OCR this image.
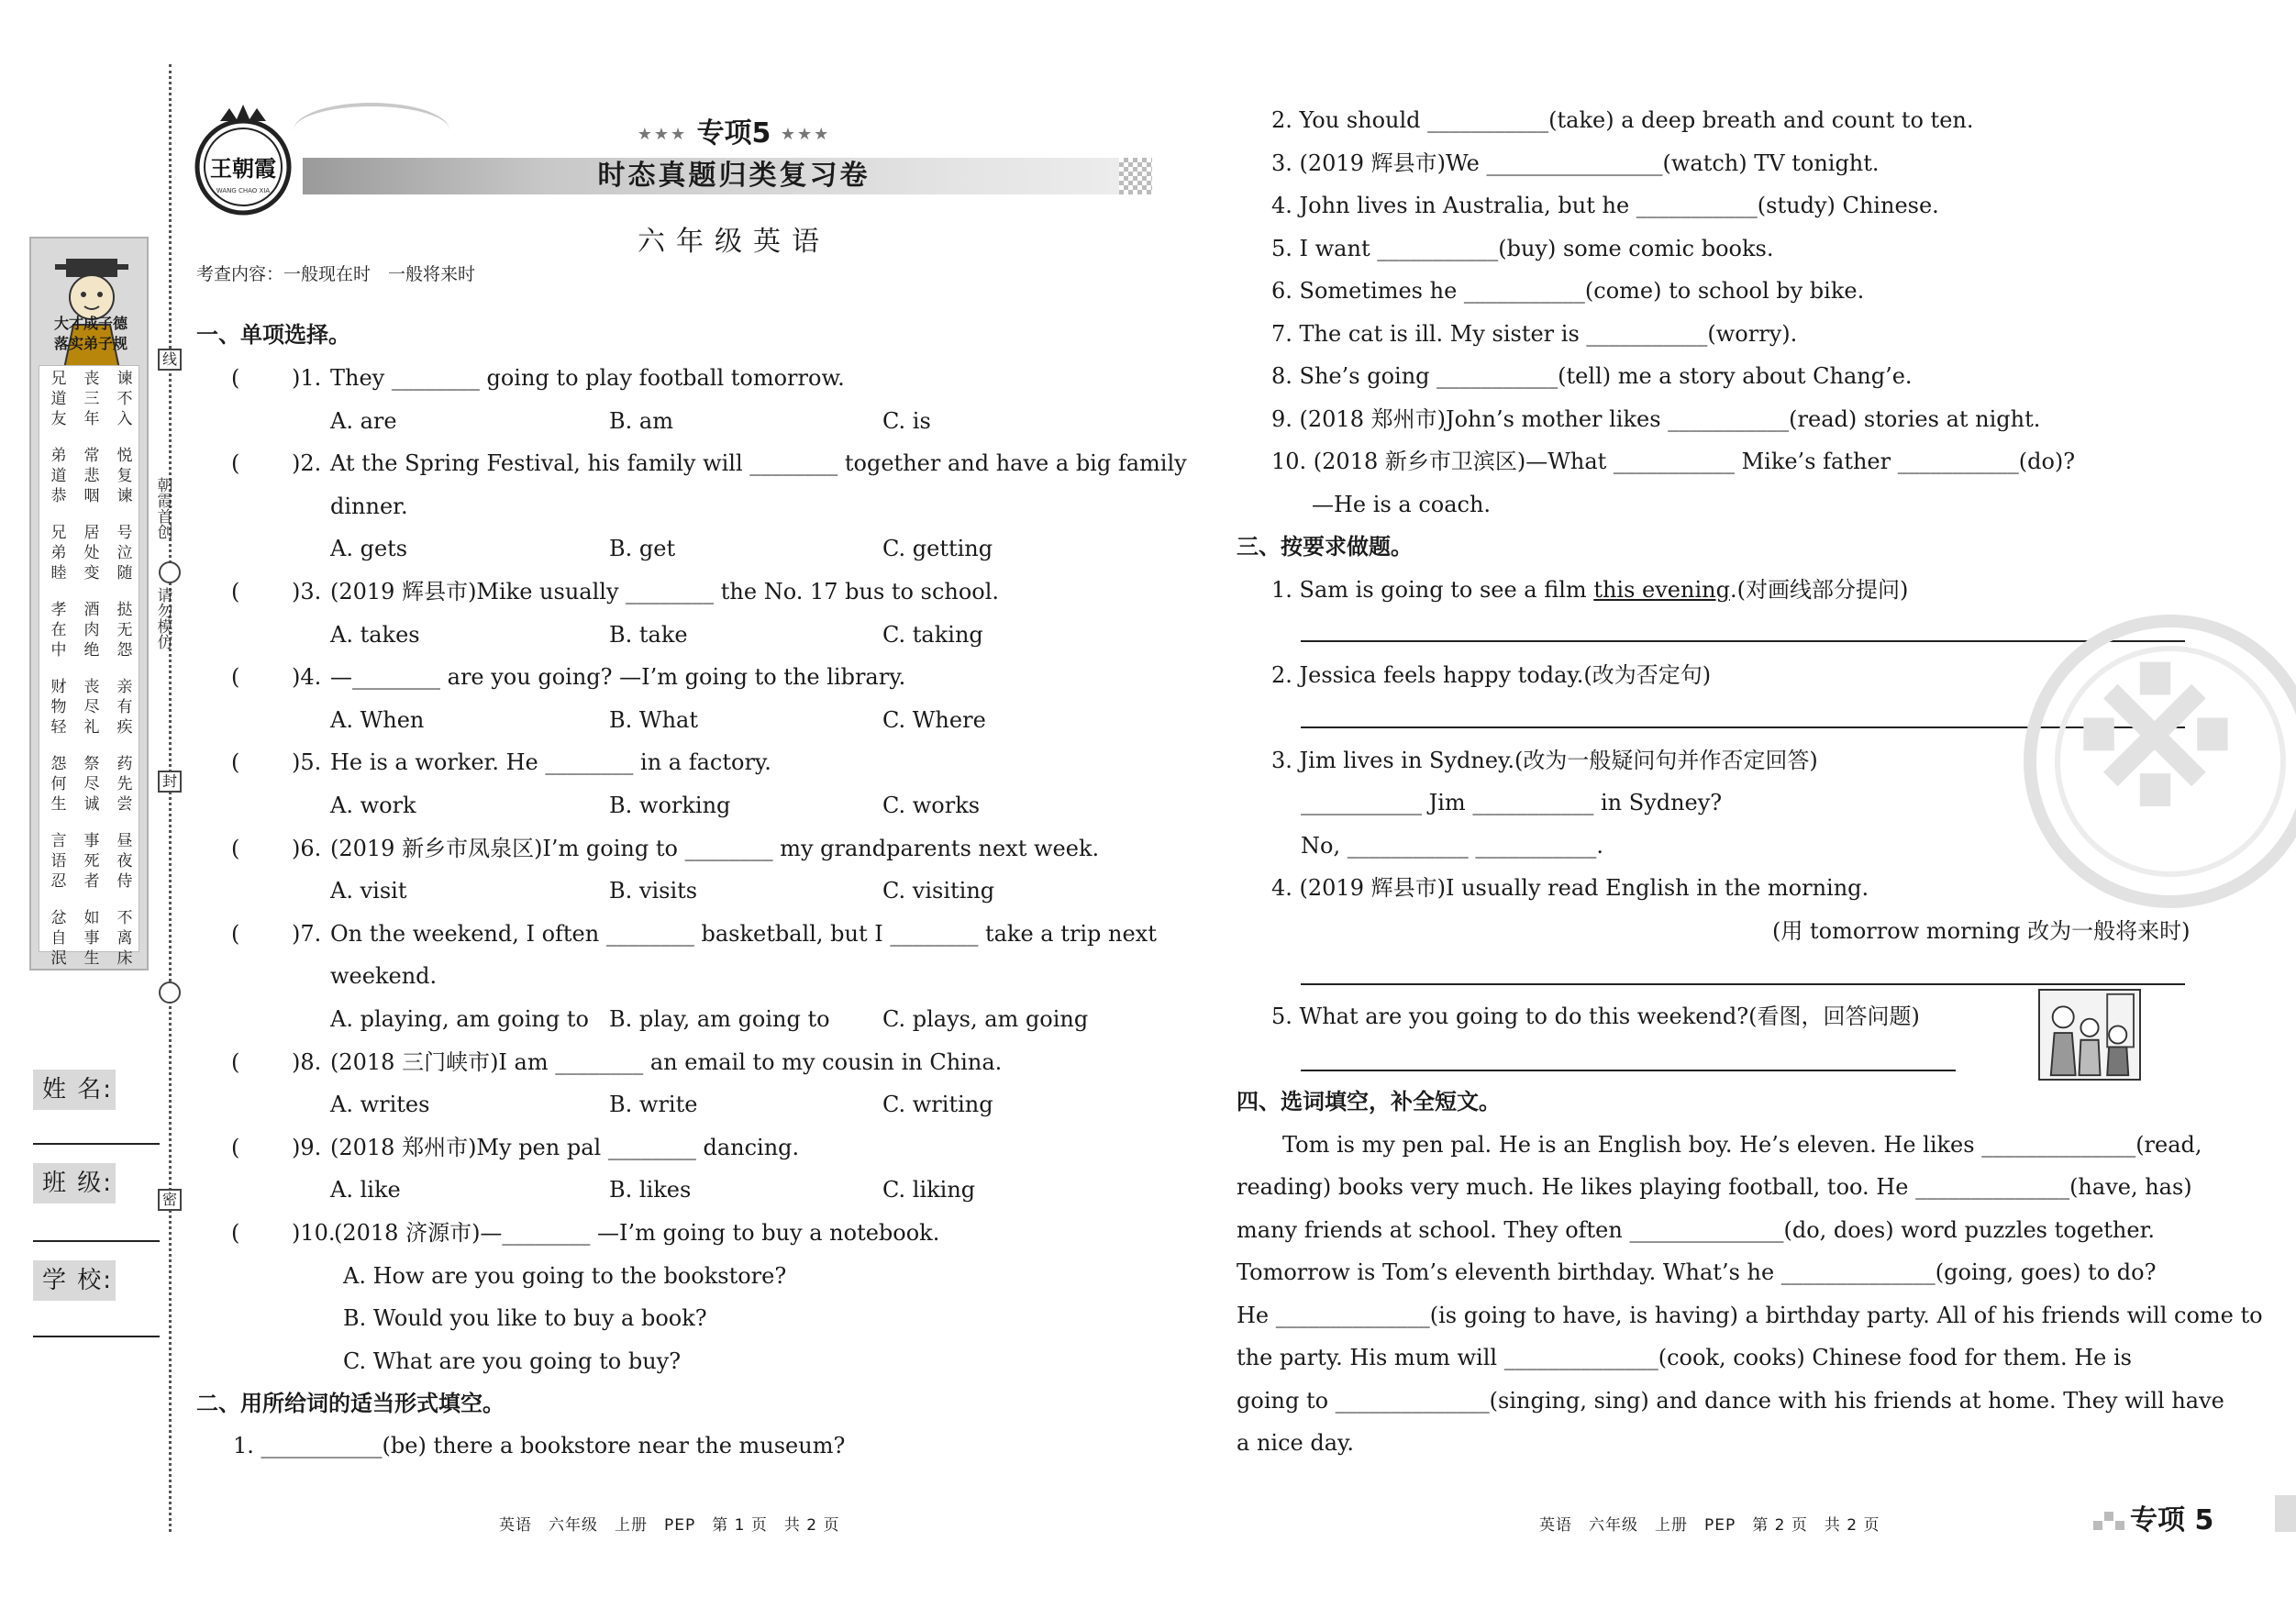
线
朝霞首创
请勿模仿
封
密
大才成子德
落实弟子规
兄
道
友
丧
三
年
谏
不
入
弟
道
恭
常
悲
咽
悦
复
谏
兄
弟
睦
居
处
变
号
泣
随
孝
在
中
酒
肉
绝
挞
无
怨
财
物
轻
丧
尽
礼
亲
有
疾
怨
何
生
祭
尽
诚
药
先
尝
言
语
忍
事
死
者
昼
夜
侍
忿
自
泯
如
事
生
不
离
床
姓 名:
班 级:
学 校:
王朝霞
WANG CHAO XIA
★★★ 专项5 ★★★
时态真题归类复习卷
六年级英语
考查内容：一般现在时　一般将来时
一、单项选择。
( )1. They ________ going to play football tomorrow.
A. are	B. am	C. is
( )2. At the Spring Festival, his family will ________ together and have a big family
dinner.
A. gets	B. get	C. getting
( )3. (2019 辉县市)Mike usually ________ the No. 17 bus to school.
A. takes	B. take	C. taking
( )4. —________ are you going? —I’m going to the library.
A. When	B. What	C. Where
( )5. He is a worker. He ________ in a factory.
A. work	B. working	C. works
( )6. (2019 新乡市凤泉区)I’m going to ________ my grandparents next week.
A. visit	B. visits	C. visiting
( )7. On the weekend, I often ________ basketball, but I ________ take a trip next
weekend.
A. playing, am going to B. play, am going to C. plays, am going
( )8. (2018 三门峡市)I am ________ an email to my cousin in China.
A. writes	B. write	C. writing
( )9. (2018 郑州市)My pen pal ________ dancing.
A. like	B. likes	C. liking
( )10.
(2018 济源市)—________ —I’m going to buy a notebook.
A. How are you going to the bookstore?
B. Would you like to buy a book?
C. What are you going to buy?
二、用所给词的适当形式填空。
1. ___________(be) there a bookstore near the museum?
2. You should ___________(take) a deep breath and count to ten.
3. (2019 辉县市)We ________________(watch) TV tonight.
4. John lives in Australia, but he ___________(study) Chinese.
5. I want ___________(buy) some comic books.
6. Sometimes he ___________(come) to school by bike.
7. The cat is ill. My sister is ___________(worry).
8. She’s going ___________(tell) me a story about Chang’e.
9. (2018 郑州市)John’s mother likes ___________(read) stories at night.
10. (2018 新乡市卫滨区)—What ___________ Mike’s father ___________(do)?
—He is a coach.
三、按要求做题。
1. Sam is going to see a film this evening.(对画线部分提问)
2. Jessica feels happy today.(改为否定句)
3. Jim lives in Sydney.(改为一般疑问句并作否定回答)
___________ Jim ___________ in Sydney?
No, ___________ ___________.
4. (2019 辉县市)I usually read English in the morning.
(用 tomorrow morning 改为一般将来时)
5. What are you going to do this weekend?(看图，回答问题)
四、选词填空，补全短文。
Tom is my pen pal. He is an English boy. He’s eleven. He likes ______________(read,
reading) books very much. He likes playing football, too. He ______________(have, has)
many friends at school. They often ______________(do, does) word puzzles together.
Tomorrow is Tom’s eleventh birthday. What’s he ______________(going, goes) to do?
He ______________(is going to have, is having) a birthday party. All of his friends will come to
the party. His mum will ______________(cook, cooks) Chinese food for them. He is
going to ______________(singing, sing) and dance with his friends at home. They will have
a nice day.
※
英语　六年级　上册　PEP　第 1 页　共 2 页	英语　六年级　上册　PEP　第 2 页　共 2 页	专项 5
